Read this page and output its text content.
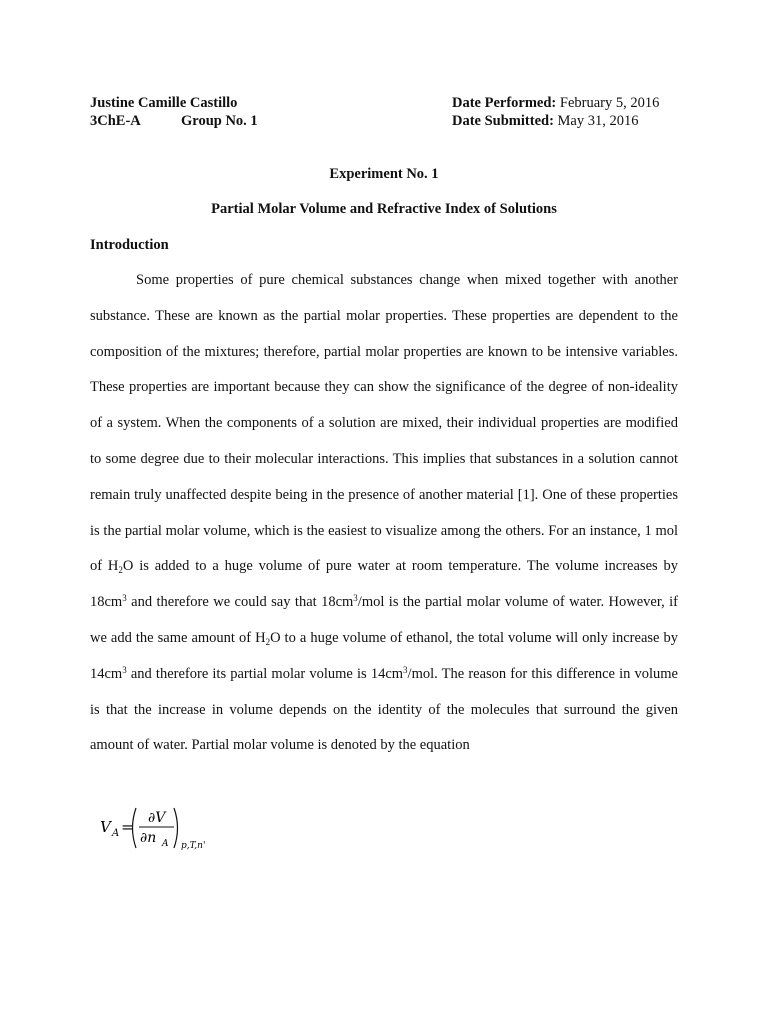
Justine Camille Castillo
3ChE-A	Group No. 1
Date Performed: February 5, 2016
Date Submitted: May 31, 2016
Experiment No. 1
Partial Molar Volume and Refractive Index of Solutions
Introduction

Some properties of pure chemical substances change when mixed together with another substance. These are known as the partial molar properties. These properties are dependent to the composition of the mixtures; therefore, partial molar properties are known to be intensive variables. These properties are important because they can show the significance of the degree of non-ideality of a system. When the components of a solution are mixed, their individual properties are modified to some degree due to their molecular interactions. This implies that substances in a solution cannot remain truly unaffected despite being in the presence of another material [1]. One of these properties is the partial molar volume, which is the easiest to visualize among the others. For an instance, 1 mol of $H_2O$ is added to a huge volume of pure water at room temperature. The volume increases by $18cm^3$ and therefore we could say that $18cm^3$/mol is the partial molar volume of water. However, if we add the same amount of $H_2O$ to a huge volume of ethanol, the total volume will only increase by $14cm^3$ and therefore its partial molar volume is $14cm^3$/mol. The reason for this difference in volume is that the increase in volume depends on the identity of the molecules that surround the given amount of water. Partial molar volume is denoted by the equation

V A = ∂V
∂n A p,T,n'
